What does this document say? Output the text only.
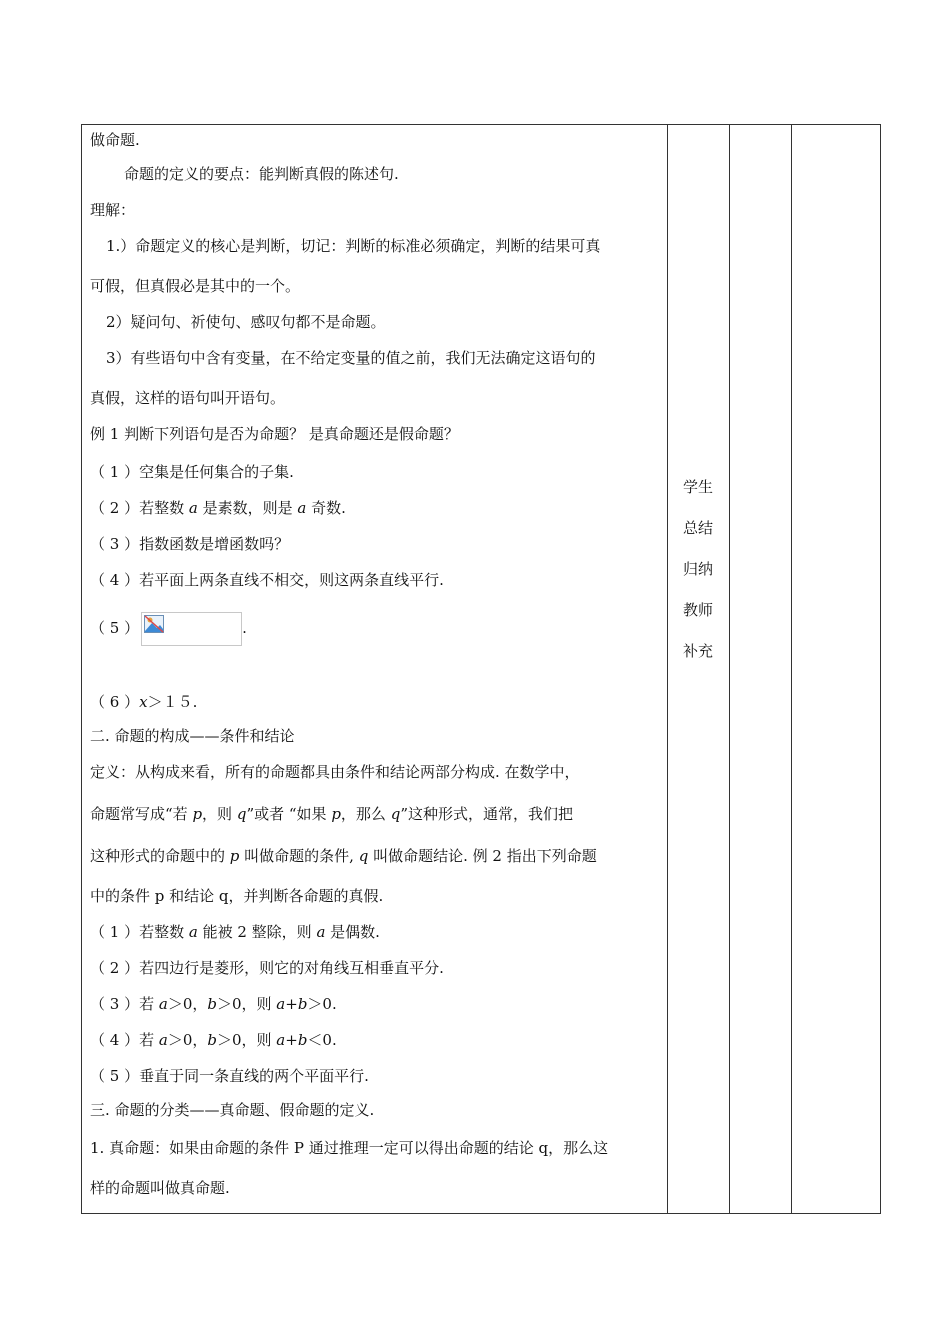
做命题.
命题的定义的要点：能判断真假的陈述句.
理解：
1.）命题定义的核心是判断，切记：判断的标准必须确定，判断的结果可真
可假，但真假必是其中的一个。
2）疑问句、祈使句、感叹句都不是命题。
3）有些语句中含有变量，在不给定变量的值之前，我们无法确定这语句的
真假，这样的语句叫开语句。
例 1 判断下列语句是否为命题？ 是真命题还是假命题？
（ 1 ）空集是任何集合的子集.
（ 2 ）若整数 a 是素数，则是 a 奇数.
（ 3 ）指数函数是增函数吗？
（ 4 ）若平面上两条直线不相交，则这两条直线平行.
（ 5 ）	.
（ 6 ）x＞１５.
二. 命题的构成——条件和结论
定义：从构成来看，所有的命题都具由条件和结论两部分构成. 在数学中，
命题常写成“若 p，则 q”或者 “如果 p，那么 q”这种形式，通常，我们把
这种形式的命题中的 p 叫做命题的条件, q 叫做命题结论. 例 2 指出下列命题
中的条件 p 和结论 q，并判断各命题的真假.
（ 1 ）若整数 a 能被 2 整除，则 a 是偶数.
（ 2 ）若四边行是菱形，则它的对角线互相垂直平分.
（ 3 ）若 a＞0，b＞0，则 a+b＞0.
（ 4 ）若 a＞0，b＞0，则 a+b＜0.
（ 5 ）垂直于同一条直线的两个平面平行.
三. 命题的分类——真命题、假命题的定义.
1. 真命题：如果由命题的条件 P 通过推理一定可以得出命题的结论 q，那么这
样的命题叫做真命题.
学生
总结
归纳
教师
补充
